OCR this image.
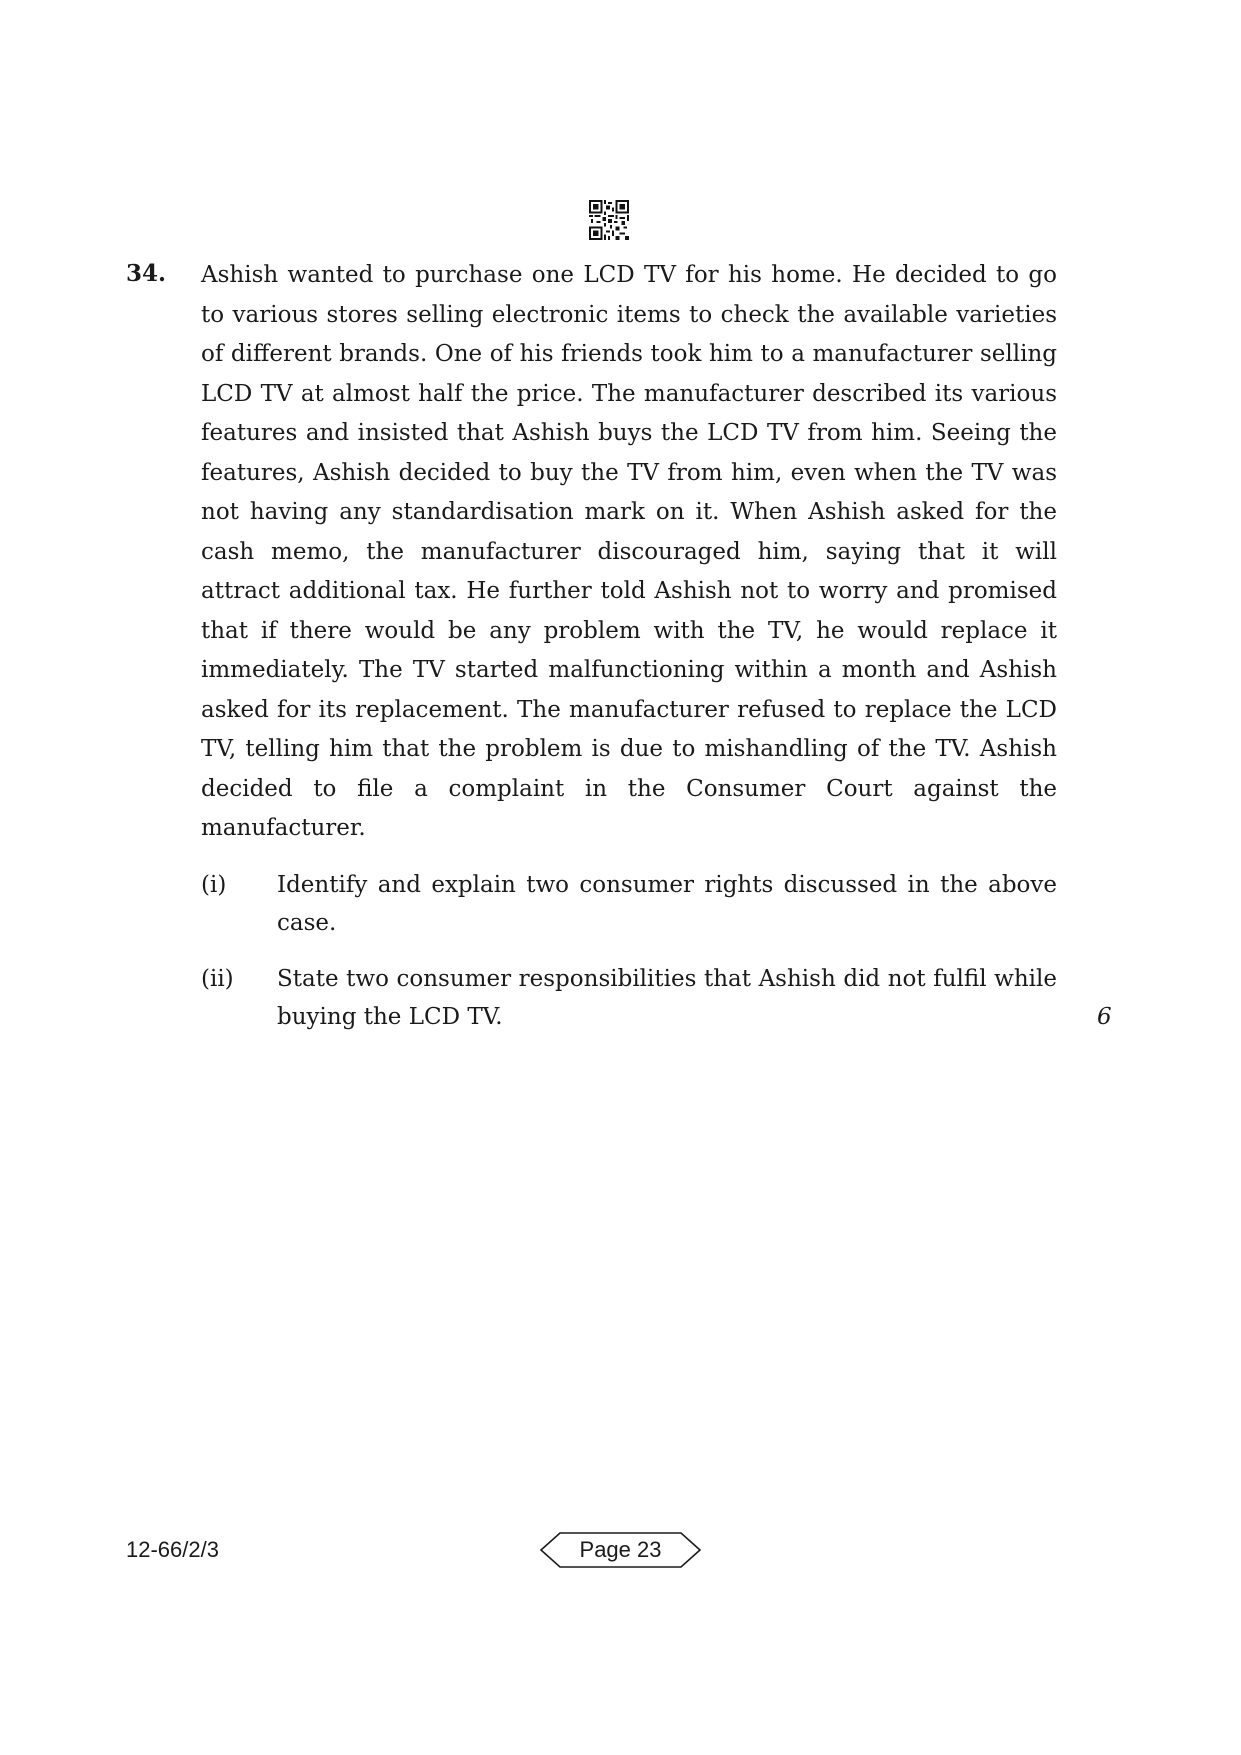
34. Ashish wanted to purchase one LCD TV for his home. He decided to go to various stores selling electronic items to check the available varieties of different brands. One of his friends took him to a manufacturer selling LCD TV at almost half the price. The manufacturer described its various features and insisted that Ashish buys the LCD TV from him. Seeing the features, Ashish decided to buy the TV from him, even when the TV was not having any standardisation mark on it. When Ashish asked for the cash memo, the manufacturer discouraged him, saying that it will attract additional tax. He further told Ashish not to worry and promised that if there would be any problem with the TV, he would replace it immediately. The TV started malfunctioning within a month and Ashish asked for its replacement. The manufacturer refused to replace the LCD TV, telling him that the problem is due to mishandling of the TV. Ashish decided to file a complaint in the Consumer Court against the manufacturer.
(i) Identify and explain two consumer rights discussed in the above case.
(ii) State two consumer responsibilities that Ashish did not fulfil while buying the LCD TV.	6
12-66/2/3	Page 23
